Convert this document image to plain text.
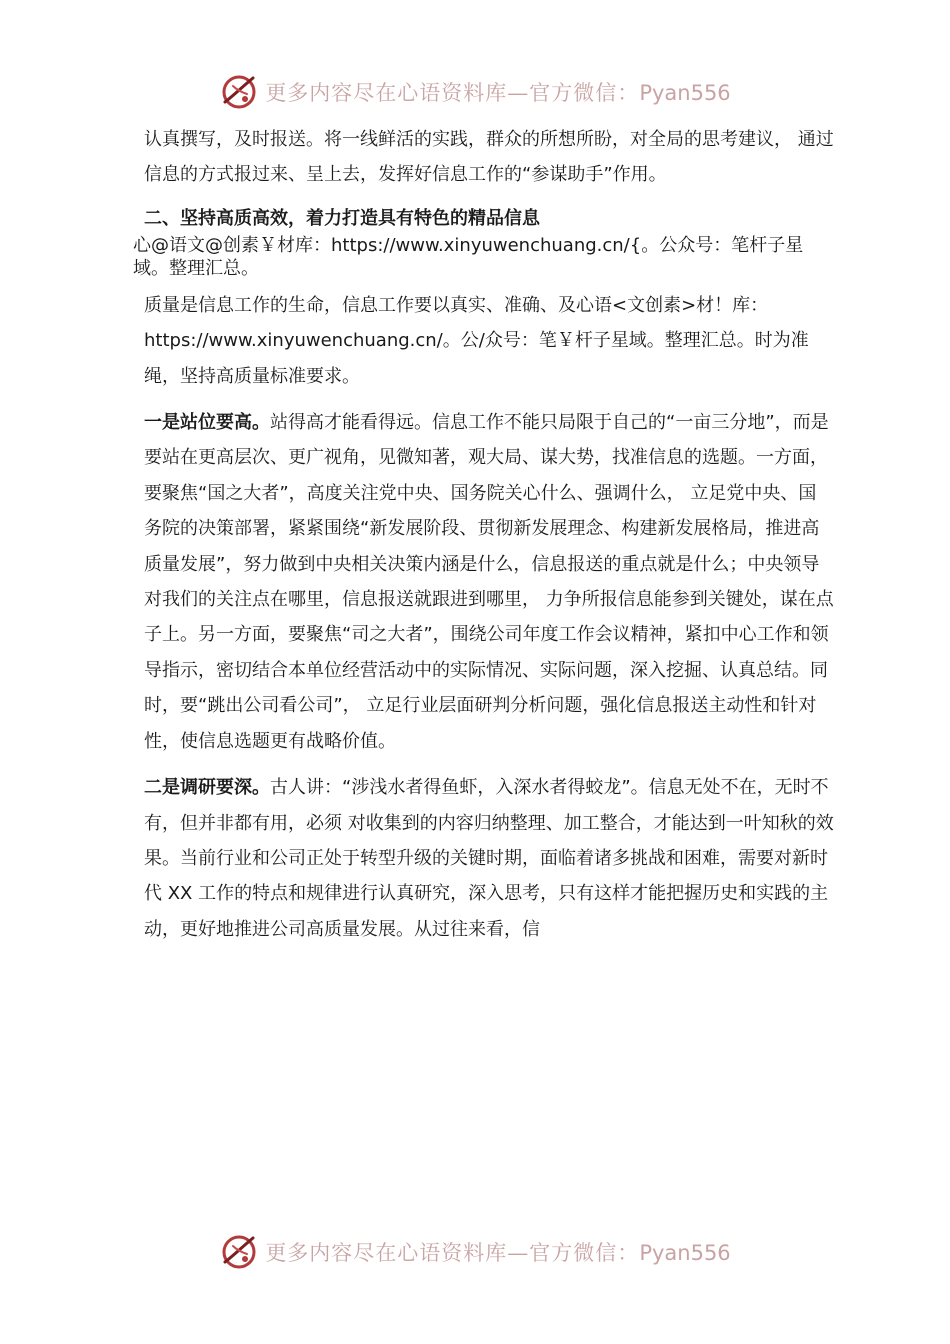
更多内容尽在心语资料库—官方微信：Pyan556

认真撰写，及时报送。将一线鲜活的实践，群众的所想所盼，对全局的思考建议， 通过信息的方式报过来、呈上去，发挥好信息工作的“参谋助手”作用。

二、坚持高质高效，着力打造具有特色的精品信息

心@语文@创素￥材库：https://www.xinyuwenchuang.cn/{。公众号：笔杆子星域。整理汇总。

质量是信息工作的生命，信息工作要以真实、准确、及心语<文创素>材！库：https://www.xinyuwenchuang.cn/。公/众号：笔￥杆子星域。整理汇总。时为准绳，坚持高质量标准要求。

一是站位要高。站得高才能看得远。信息工作不能只局限于自己的“一亩三分地”，而是要站在更高层次、更广视角，见微知著，观大局、谋大势，找准信息的选题。一方面，要聚焦“国之大者”，高度关注党中央、国务院关心什么、强调什么， 立足党中央、国务院的决策部署，紧紧围绕“新发展阶段、贯彻新发展理念、构建新发展格局，推进高质量发展”，努力做到中央相关决策内涵是什么，信息报送的重点就是什么；中央领导对我们的关注点在哪里，信息报送就跟进到哪里， 力争所报信息能参到关键处，谋在点子上。另一方面，要聚焦“司之大者”，围绕公司年度工作会议精神，紧扣中心工作和领导指示，密切结合本单位经营活动中的实际情况、实际问题，深入挖掘、认真总结。同时，要“跳出公司看公司”， 立足行业层面研判分析问题，强化信息报送主动性和针对性，使信息选题更有战略价值。

二是调研要深。古人讲：“涉浅水者得鱼虾，入深水者得蛟龙”。信息无处不在，无时不有，但并非都有用，必须 对收集到的内容归纳整理、加工整合，才能达到一叶知秋的效果。当前行业和公司正处于转型升级的关键时期，面临着诸多挑战和困难，需要对新时代 XX 工作的特点和规律进行认真研究，深入思考，只有这样才能把握历史和实践的主动，更好地推进公司高质量发展。从过往来看，信

更多内容尽在心语资料库—官方微信：Pyan556
